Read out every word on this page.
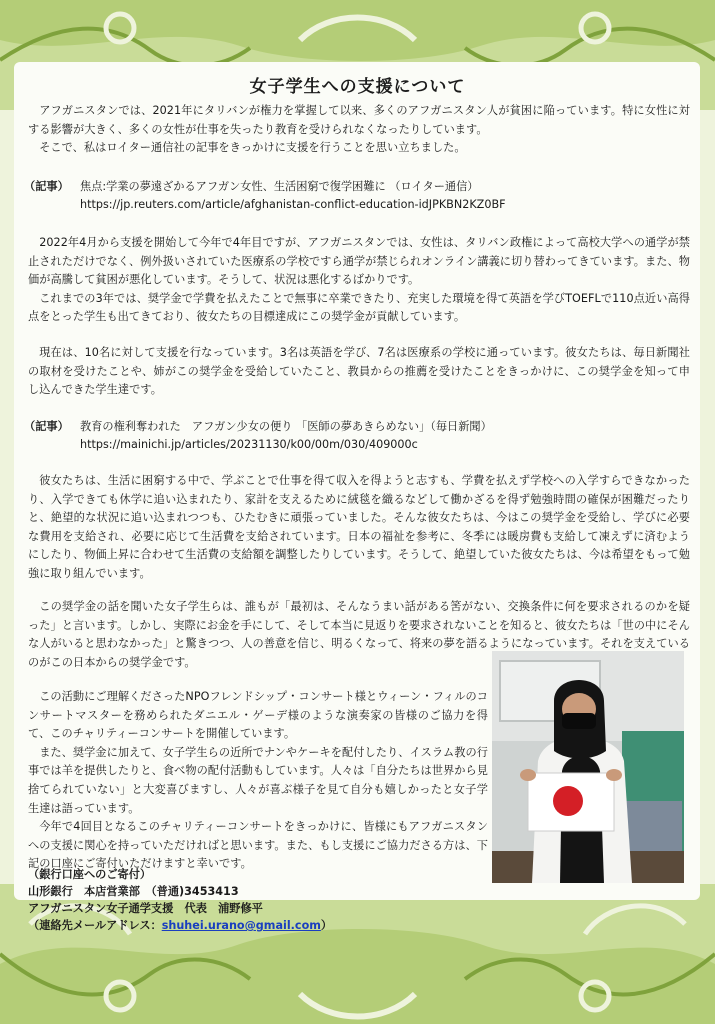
女子学生への支援について

アフガニスタンでは、2021年にタリバンが権力を掌握して以来、多くのアフガニスタン人が貧困に陥っています。特に女性に対する影響が大きく、多くの女性が仕事を失ったり教育を受けられなくなったりしています。

そこで、私はロイター通信社の記事をきっかけに支援を行うことを思い立ちました。

（記事） 焦点:学業の夢遠ざかるアフガン女性、生活困窮で復学困難に （ロイター通信）
https://jp.reuters.com/article/afghanistan-conflict-education-idJPKBN2KZ0BF

2022年4月から支援を開始して今年で4年目ですが、アフガニスタンでは、女性は、タリバン政権によって高校大学への通学が禁止されただけでなく、例外扱いされていた医療系の学校ですら通学が禁じられオンライン講義に切り替わってきています。また、物価が高騰して貧困が悪化しています。そうして、状況は悪化するばかりです。

これまでの3年では、奨学金で学費を払えたことで無事に卒業できたり、充実した環境を得て英語を学びTOEFLで110点近い高得点をとった学生も出てきており、彼女たちの目標達成にこの奨学金が貢献しています。

現在は、10名に対して支援を行なっています。3名は英語を学び、7名は医療系の学校に通っています。彼女たちは、毎日新聞社の取材を受けたことや、姉がこの奨学金を受給していたこと、教員からの推薦を受けたことをきっかけに、この奨学金を知って申し込んできた学生達です。

（記事） 教育の権利奪われた　アフガン少女の便り 「医師の夢あきらめない」（毎日新聞）
https://mainichi.jp/articles/20231130/k00/00m/030/409000c

彼女たちは、生活に困窮する中で、学ぶことで仕事を得て収入を得ようと志すも、学費を払えず学校への入学すらできなかったり、入学できても休学に追い込まれたり、家計を支えるために絨毯を織るなどして働かざるを得ず勉強時間の確保が困難だったりと、絶望的な状況に追い込まれつつも、ひたむきに頑張っていました。そんな彼女たちは、今はこの奨学金を受給し、学びに必要な費用を支給され、必要に応じて生活費を支給されています。日本の福祉を参考に、冬季には暖房費も支給して凍えずに済むようにしたり、物価上昇に合わせて生活費の支給額を調整したりしています。そうして、絶望していた彼女たちは、今は希望をもって勉強に取り組んでいます。

この奨学金の話を聞いた女子学生らは、誰もが「最初は、そんなうまい話がある筈がない、交換条件に何を要求されるのかを疑った」と言います。しかし、実際にお金を手にして、そして本当に見返りを要求されないことを知ると、彼女たちは「世の中にそんな人がいると思わなかった」と驚きつつ、人の善意を信じ、明るくなって、将来の夢を語るようになっています。それを支えているのがこの日本からの奨学金です。

この活動にご理解くださったNPOフレンドシップ・コンサート様とウィーン・フィルのコンサートマスターを務められたダニエル・ゲーデ様のような演奏家の皆様のご協力を得て、このチャリティーコンサートを開催しています。

また、奨学金に加えて、女子学生らの近所でナンやケーキを配付したり、イスラム教の行事では羊を提供したりと、食べ物の配付活動もしています。人々は「自分たちは世界から見捨てられていない」と大変喜びますし、人々が喜ぶ様子を見て自分も嬉しかったと女子学生達は語っています。

今年で4回目となるこのチャリティーコンサートをきっかけに、皆様にもアフガニスタンへの支援に関心を持っていただければと思います。また、もし支援にご協力ださる方は、下記の口座にご寄付いただけますと幸いです。

（銀行口座へのご寄付）
山形銀行　本店営業部　（普通)3453413
アフガニスタン女子通学支援　代表　浦野修平
（連絡先メールアドレス：shuhei.urano@gmail.com）
